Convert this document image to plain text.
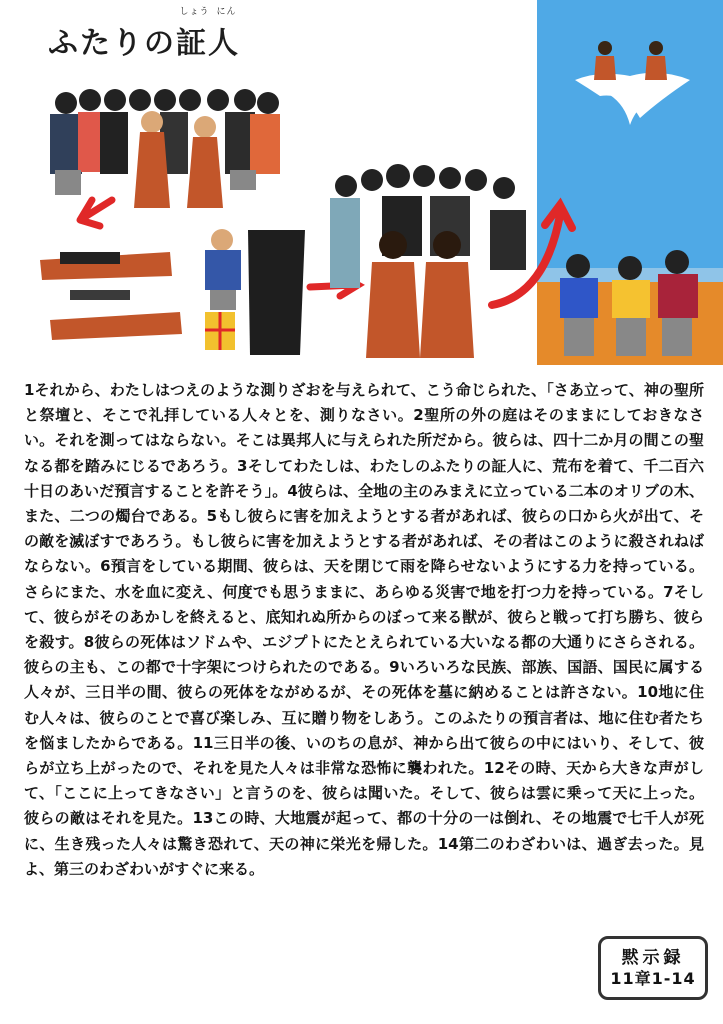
ふたりの
しょう にん
証人
1それから、わたしはつえのような測りざおを与えられて、こう命じられた、「さあ立って、神の聖所と祭壇と、そこで礼拝している人々とを、測りなさい。2聖所の外の庭はそのままにしておきなさい。それを測ってはならない。そこは異邦人に与えられた所だから。彼らは、四十二か月の間この聖なる都を踏みにじるであろう。3そしてわたしは、わたしのふたりの証人に、荒布を着て、千二百六十日のあいだ預言することを許そう」。4彼らは、全地の主のみまえに立っている二本のオリブの木、また、二つの燭台である。5もし彼らに害を加えようとする者があれば、彼らの口から火が出て、その敵を滅ぼすであろう。もし彼らに害を加えようとする者があれば、その者はこのように殺されねばならない。6預言をしている期間、彼らは、天を閉じて雨を降らせないようにする力を持っている。さらにまた、水を血に変え、何度でも思うままに、あらゆる災害で地を打つ力を持っている。7そして、彼らがそのあかしを終えると、底知れぬ所からのぼって来る獣が、彼らと戦って打ち勝ち、彼らを殺す。8彼らの死体はソドムや、エジプトにたとえられている大いなる都の大通りにさらされる。彼らの主も、この都で十字架につけられたのである。9いろいろな民族、部族、国語、国民に属する人々が、三日半の間、彼らの死体をながめるが、その死体を墓に納めることは許さない。10地に住む人々は、彼らのことで喜び楽しみ、互に贈り物をしあう。このふたりの預言者は、地に住む者たちを悩ましたからである。11三日半の後、いのちの息が、神から出て彼らの中にはいり、そして、彼らが立ち上がったので、それを見た人々は非常な恐怖に襲われた。12その時、天から大きな声がして、「ここに上ってきなさい」と言うのを、彼らは聞いた。そして、彼らは雲に乗って天に上った。彼らの敵はそれを見た。13この時、大地震が起って、都の十分の一は倒れ、その地震で七千人が死に、生き残った人々は驚き恐れて、天の神に栄光を帰した。14第二のわざわいは、過ぎ去った。見よ、第三のわざわいがすぐに来る。
黙示録
11章1-14
